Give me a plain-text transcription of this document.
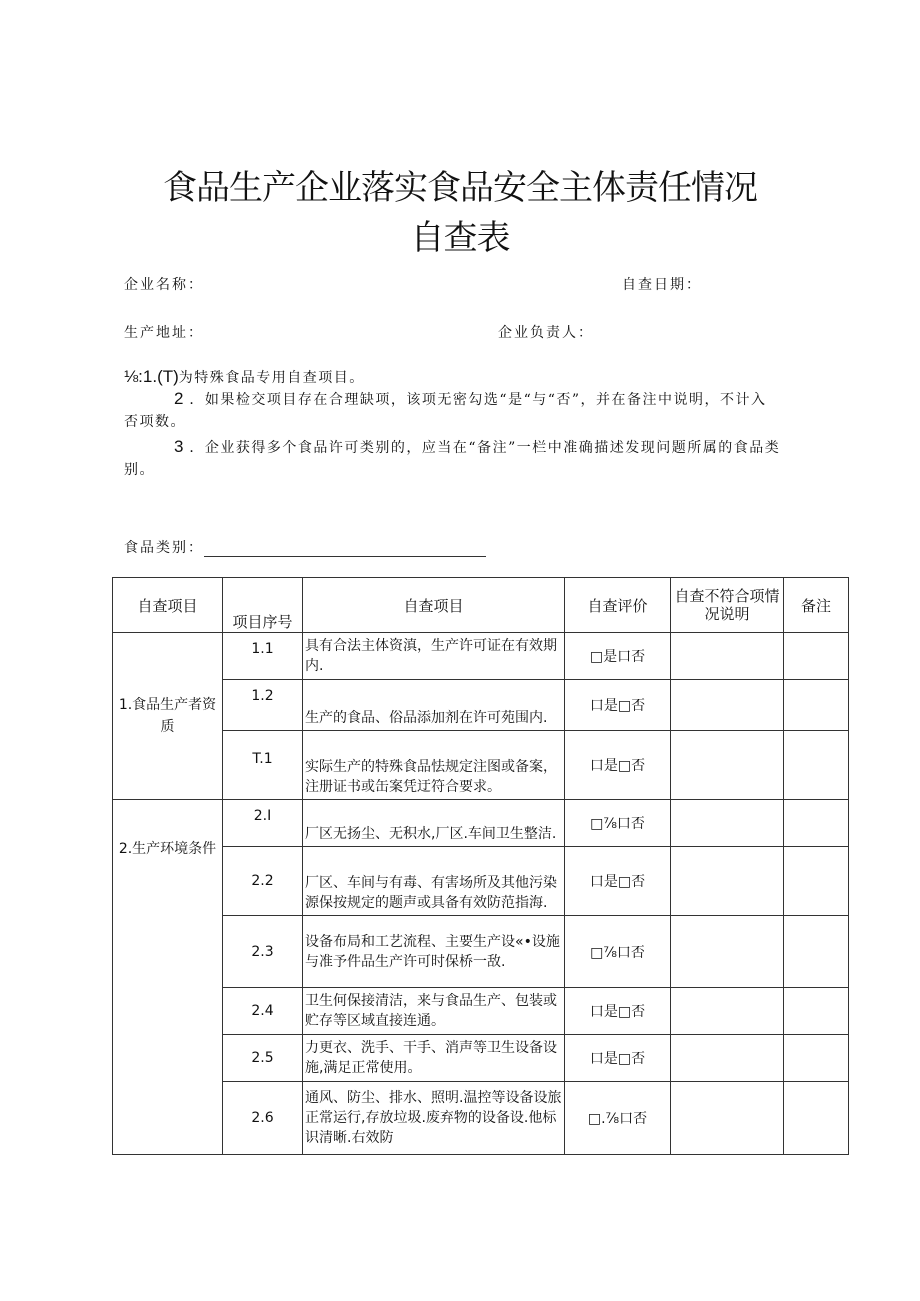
食品生产企业落实食品安全主体责任情况
自查表
企业名称：	自查日期：
生产地址：	企业负责人：
⅛:1.(T)为特殊食品专用自查项目。
2 ．如果检交项目存在合理缺项，该项无密勾选“是“与“否”，并在备注中说明，不计入
否项数。
3 ．企业获得多个食品许可类别的，应当在“备注”一栏中准确描述发现问题所属的食品类
别。
食品类别：
自查项目	项目序号	自查项目	自查评价	自查不符合项情况说明	备注
1.食品生产者资质	1.1	具有合法主体资滇，生产许可证在有效期内.	□是口否		
	1.2	生产的食品、俗品添加剂在许可苑围内.	口是□否		
	T.1	实际生产的特殊食品怯规定注图或备案，注册证书或缶案凭迂符合要求。	口是□否		
2.生产环境条件	2.I	厂区无扬尘、无积水,厂区.车间卫生整洁.	□⅞口否		
	2.2	厂区、车间与有毒、有害场所及其他污染源保按规定的题声或具备有效防范指海.	口是□否		
	2.3	设备布局和工艺流程、主要生产设«•设施与准予件品生产许可时保桥一敌.	□⅞口否		
	2.4	卫生何保接清洁，来与食品生产、包装或贮存等区域直接连通。	口是□否		
	2.5	力更衣、洗手、干手、消声等卫生设备设施,满足正常使用。	口是□否		
	2.6	通风、防尘、排水、照明.温控等设备设旅正常运行,存放垃圾.废弃物的设备设.他标识清晰.右效防	□.⅞口否		
